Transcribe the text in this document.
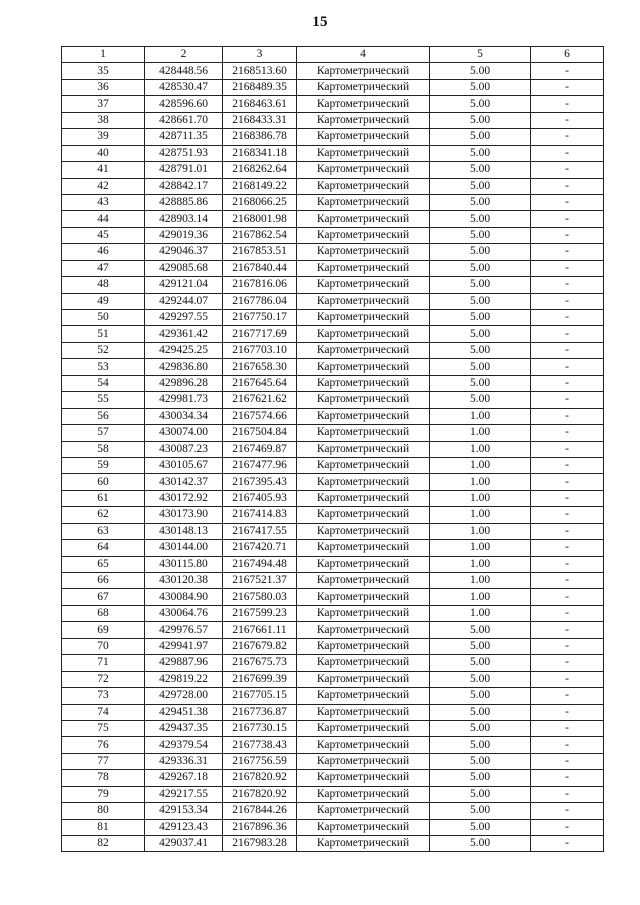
15
1	2	3	4	5	6
35	428448.56	2168513.60	Картометрический	5.00	-
36	428530.47	2168489.35	Картометрический	5.00	-
37	428596.60	2168463.61	Картометрический	5.00	-
38	428661.70	2168433.31	Картометрический	5.00	-
39	428711.35	2168386.78	Картометрический	5.00	-
40	428751.93	2168341.18	Картометрический	5.00	-
41	428791.01	2168262.64	Картометрический	5.00	-
42	428842.17	2168149.22	Картометрический	5.00	-
43	428885.86	2168066.25	Картометрический	5.00	-
44	428903.14	2168001.98	Картометрический	5.00	-
45	429019.36	2167862.54	Картометрический	5.00	-
46	429046.37	2167853.51	Картометрический	5.00	-
47	429085.68	2167840.44	Картометрический	5.00	-
48	429121.04	2167816.06	Картометрический	5.00	-
49	429244.07	2167786.04	Картометрический	5.00	-
50	429297.55	2167750.17	Картометрический	5.00	-
51	429361.42	2167717.69	Картометрический	5.00	-
52	429425.25	2167703.10	Картометрический	5.00	-
53	429836.80	2167658.30	Картометрический	5.00	-
54	429896.28	2167645.64	Картометрический	5.00	-
55	429981.73	2167621.62	Картометрический	5.00	-
56	430034.34	2167574.66	Картометрический	1.00	-
57	430074.00	2167504.84	Картометрический	1.00	-
58	430087.23	2167469.87	Картометрический	1.00	-
59	430105.67	2167477.96	Картометрический	1.00	-
60	430142.37	2167395.43	Картометрический	1.00	-
61	430172.92	2167405.93	Картометрический	1.00	-
62	430173.90	2167414.83	Картометрический	1.00	-
63	430148.13	2167417.55	Картометрический	1.00	-
64	430144.00	2167420.71	Картометрический	1.00	-
65	430115.80	2167494.48	Картометрический	1.00	-
66	430120.38	2167521.37	Картометрический	1.00	-
67	430084.90	2167580.03	Картометрический	1.00	-
68	430064.76	2167599.23	Картометрический	1.00	-
69	429976.57	2167661.11	Картометрический	5.00	-
70	429941.97	2167679.82	Картометрический	5.00	-
71	429887.96	2167675.73	Картометрический	5.00	-
72	429819.22	2167699.39	Картометрический	5.00	-
73	429728.00	2167705.15	Картометрический	5.00	-
74	429451.38	2167736.87	Картометрический	5.00	-
75	429437.35	2167730.15	Картометрический	5.00	-
76	429379.54	2167738.43	Картометрический	5.00	-
77	429336.31	2167756.59	Картометрический	5.00	-
78	429267.18	2167820.92	Картометрический	5.00	-
79	429217.55	2167820.92	Картометрический	5.00	-
80	429153.34	2167844.26	Картометрический	5.00	-
81	429123.43	2167896.36	Картометрический	5.00	-
82	429037.41	2167983.28	Картометрический	5.00	-
